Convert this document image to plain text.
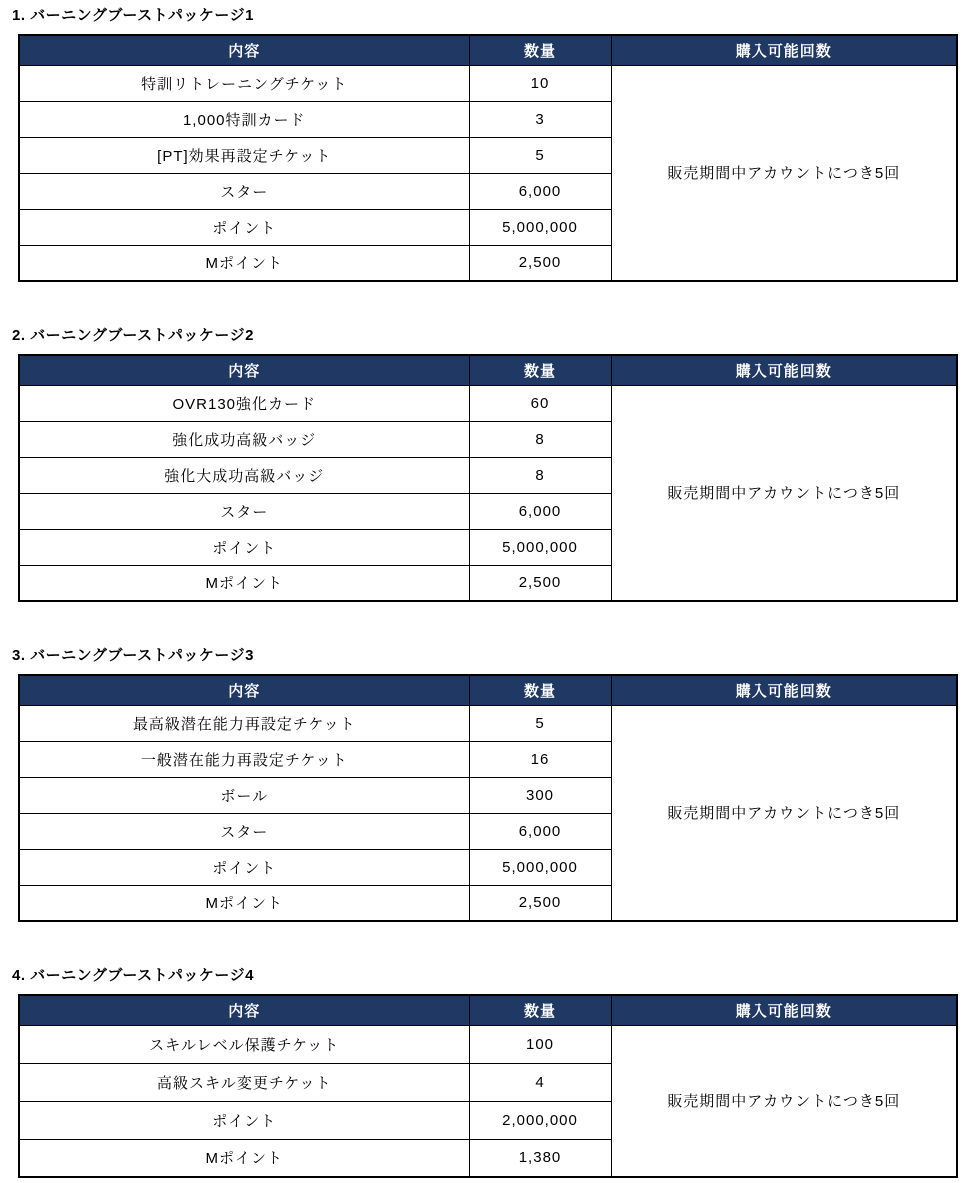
1. バーニングブーストパッケージ1
内容	数量	購入可能回数
特訓リトレーニングチケット	10	販売期間中アカウントにつき5回
1,000特訓カード	3	
[PT]効果再設定チケット	5	
スター	6,000	
ポイント	5,000,000	
Mポイント	2,500	
2. バーニングブーストパッケージ2
内容	数量	購入可能回数
OVR130強化カード	60	販売期間中アカウントにつき5回
強化成功高級バッジ	8	
強化大成功高級バッジ	8	
スター	6,000	
ポイント	5,000,000	
Mポイント	2,500	
3. バーニングブーストパッケージ3
内容	数量	購入可能回数
最高級潜在能力再設定チケット	5	販売期間中アカウントにつき5回
一般潜在能力再設定チケット	16	
ボール	300	
スター	6,000	
ポイント	5,000,000	
Mポイント	2,500	
4. バーニングブーストパッケージ4
内容	数量	購入可能回数
スキルレベル保護チケット	100	販売期間中アカウントにつき5回
高級スキル変更チケット	4	
ポイント	2,000,000	
Mポイント	1,380	
